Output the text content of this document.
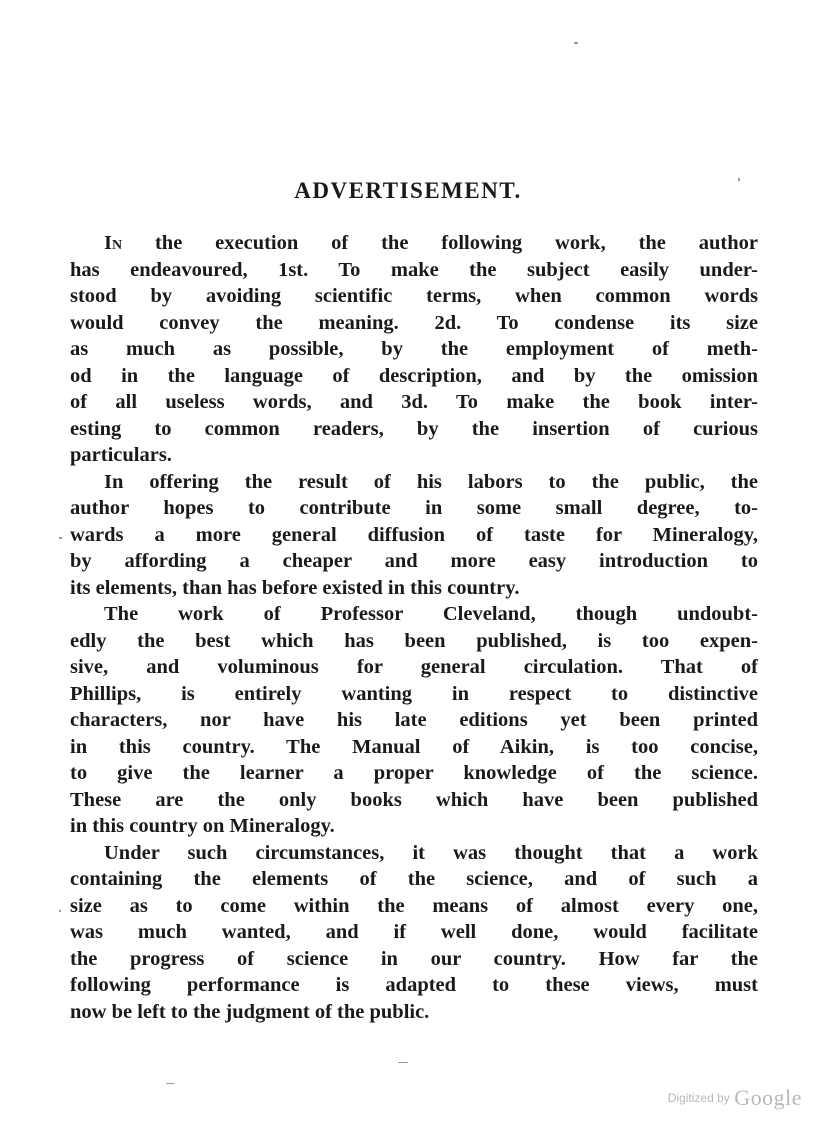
ADVERTISEMENT.
In the execution of the following work, the author
has endeavoured, 1st. To make the subject easily under-
stood by avoiding scientific terms, when common words
would convey the meaning. 2d. To condense its size
as much as possible, by the employment of meth-
od in the language of description, and by the omission
of all useless words, and 3d. To make the book inter-
esting to common readers, by the insertion of curious
particulars.
In offering the result of his labors to the public, the
author hopes to contribute in some small degree, to-
wards a more general diffusion of taste for Mineralogy,
by affording a cheaper and more easy introduction to
its elements, than has before existed in this country.
The work of Professor Cleveland, though undoubt-
edly the best which has been published, is too expen-
sive, and voluminous for general circulation. That of
Phillips, is entirely wanting in respect to distinctive
characters, nor have his late editions yet been printed
in this country. The Manual of Aikin, is too concise,
to give the learner a proper knowledge of the science.
These are the only books which have been published
in this country on Mineralogy.
Under such circumstances, it was thought that a work
containing the elements of the science, and of such a
size as to come within the means of almost every one,
was much wanted, and if well done, would facilitate
the progress of science in our country. How far the
following performance is adapted to these views, must
now be left to the judgment of the public.
Digitized by Google
